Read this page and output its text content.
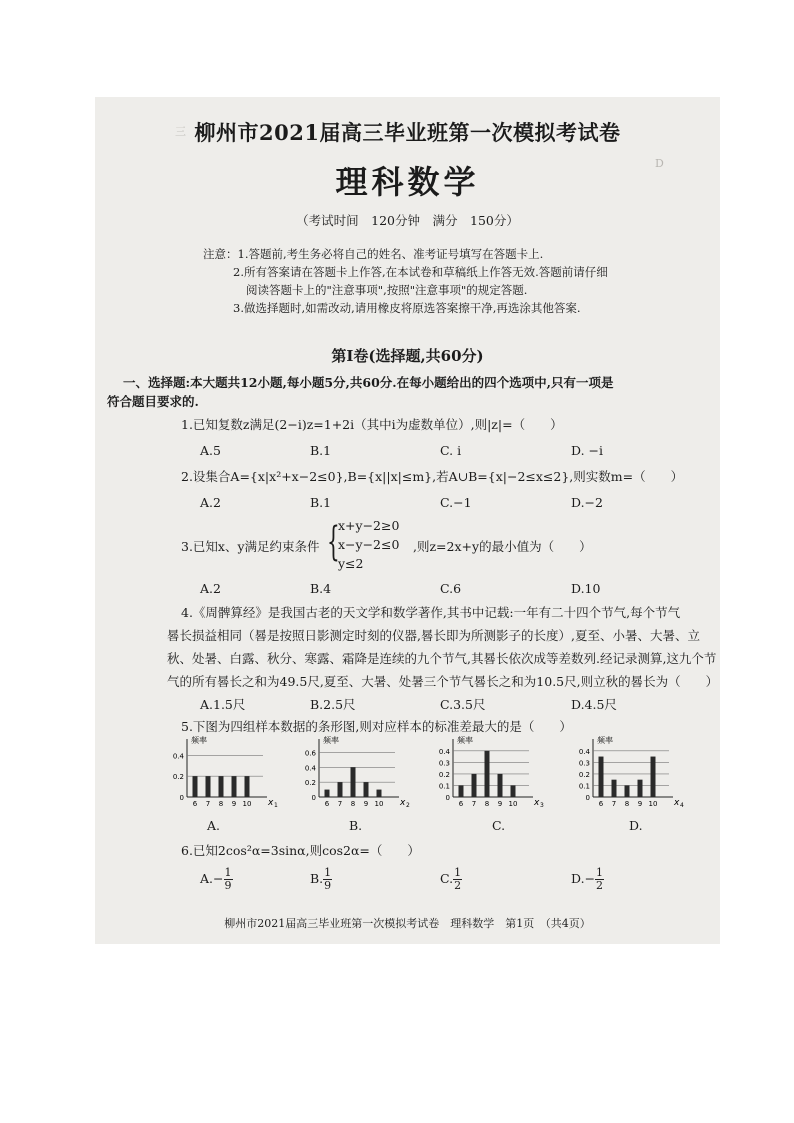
三
D
柳州市2021届高三毕业班第一次模拟考试卷
理科数学
（考试时间　120分钟　满分　150分）
注意：1.答题前,考生务必将自己的姓名、准考证号填写在答题卡上.
2.所有答案请在答题卡上作答,在本试卷和草稿纸上作答无效.答题前请仔细
阅读答题卡上的"注意事项",按照"注意事项"的规定答题.
3.做选择题时,如需改动,请用橡皮将原选答案擦干净,再选涂其他答案.
第Ⅰ卷(选择题,共60分)
一、选择题:本大题共12小题,每小题5分,共60分.在每小题给出的四个选项中,只有一项是
符合题目要求的.
1.已知复数z满足(2−i)z=1+2i（其中i为虚数单位）,则|z|=（　　）
A.5	B.1	C. i	D. −i
2.设集合A={x|x²+x−2≤0},B={x||x|≤m},若A∪B={x|−2≤x≤2},则实数m=（　　）
A.2	B.1	C.−1	D.−2
3.已知x、y满足约束条件 {
x+y−2≥0
x−y−2≤0
y≤2
,则z=2x+y的最小值为（　　）
A.2	B.4	C.6	D.10
4.《周髀算经》是我国古老的天文学和数学著作,其书中记载:一年有二十四个节气,每个节气
晷长损益相同（晷是按照日影测定时刻的仪器,晷长即为所测影子的长度）,夏至、小暑、大暑、立
秋、处暑、白露、秋分、寒露、霜降是连续的九个节气,其晷长依次成等差数列.经记录测算,这九个节
气的所有晷长之和为49.5尺,夏至、大暑、处暑三个节气晷长之和为10.5尺,则立秋的晷长为（　　）
A.1.5尺	B.2.5尺	C.3.5尺	D.4.5尺
5.下图为四组样本数据的条形图,则对应样本的标准差最大的是（　　）
频率
0.4
0.2
0
6 7 8 9 10 x 1
频率
0.6
0.4
0.2
0
6 7 8 9 10 x 2
频率
0.4
0.3
0.2
0.1
0
6 7 8 9 10 x 3
频率
0.4
0.3
0.2
0.1
0
6 7 8 9 10 x 4
A.	B.	C.	D.
6.已知2cos²α=3sinα,则cos2α=（　　）
$A.- \frac{1}{9}$	B. $\frac{1}{9}$	C. $\frac{1}{2}$	$D.- \frac{1}{2}$
柳州市2021届高三毕业班第一次模拟考试卷　理科数学　第1页　（共4页）
